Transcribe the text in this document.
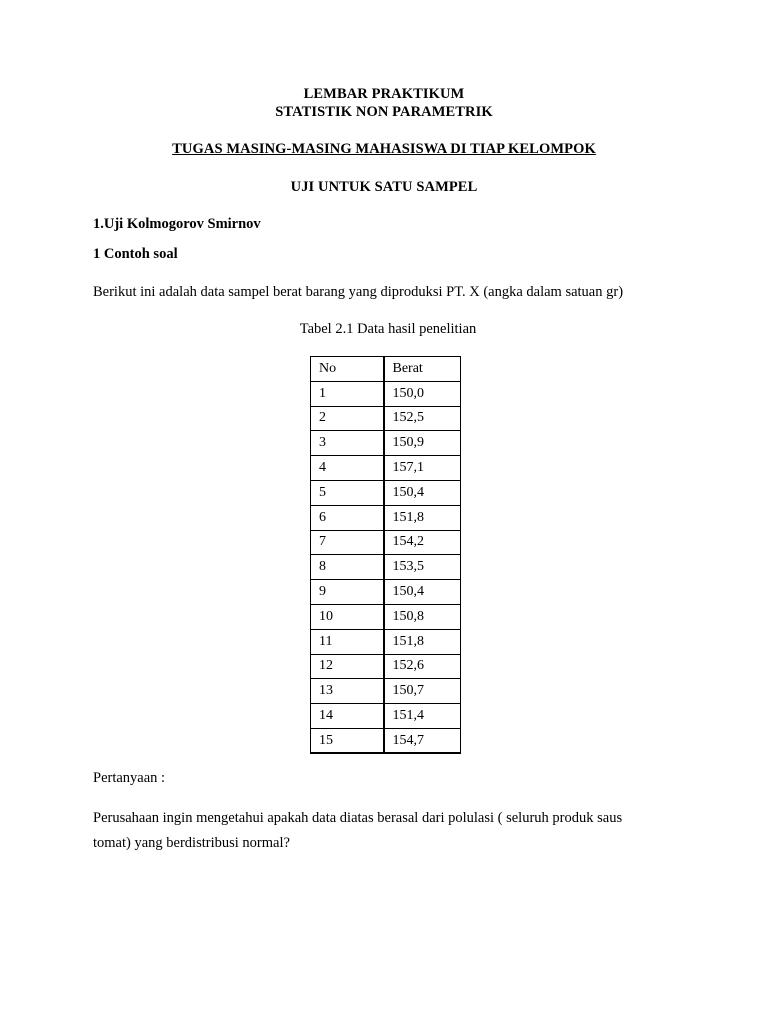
LEMBAR PRAKTIKUM
STATISTIK NON PARAMETRIK
TUGAS MASING-MASING MAHASISWA DI TIAP KELOMPOK
UJI UNTUK SATU SAMPEL
1.Uji Kolmogorov Smirnov
1 Contoh soal
Berikut ini adalah data sampel berat barang yang diproduksi PT. X (angka dalam satuan gr)
Tabel 2.1 Data hasil penelitian
No	Berat
1	150,0
2	152,5
3	150,9
4	157,1
5	150,4
6	151,8
7	154,2
8	153,5
9	150,4
10	150,8
11	151,8
12	152,6
13	150,7
14	151,4
15	154,7
Pertanyaan :
Perusahaan ingin mengetahui apakah data diatas berasal dari polulasi ( seluruh produk saus
tomat) yang berdistribusi normal?
